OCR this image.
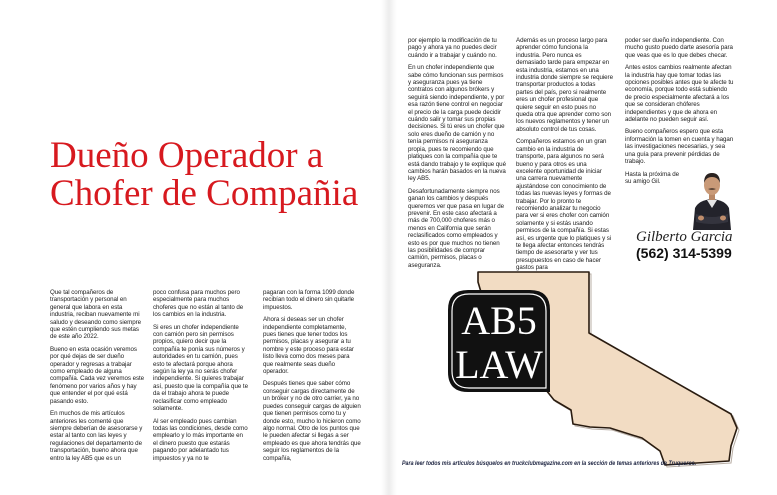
Dueño Operador a
Chofer de Compañia

Que tal compañeros de transportación y personal en general que labora en esta industria, reciban nuevamente mi saludo y deseando como siempre que estén cumpliendo sus metas de este año 2022.

Bueno en esta ocasión veremos por qué dejas de ser dueño operador y regresas a trabajar como empleado de alguna compañía. Cada vez veremos este fenómeno por varios años y hay que entender el por qué está pasando esto.

En muchos de mis artículos anteriores les comenté que siempre deberían de asesorarse y estar al tanto con las leyes y regulaciones del departamento de transportación, bueno ahora que entro la ley AB5 que es un

poco confusa para muchos pero especialmente para muchos choferes que no están al tanto de los cambios en la industria.

Si eres un chofer independiente con camión pero sin permisos propios, quiero decir que la compañía te ponía sus números y autoridades en tu camión, pues esto te afectará porque ahora según la ley ya no serás chofer independiente. Si quieres trabajar así, puesto que la compañía que te da el trabajo ahora te puede reclasificar como empleado solamente.

Al ser empleado pues cambian todas las condiciones, desde como emplearlo y lo más importante en el dinero puesto que estarás pagando por adelantado tus impuestos y ya no te

pagaran con la forma 1099 donde recibían todo el dinero sin quitarle impuestos.

Ahora si deseas ser un chofer independiente completamente, pues tienes que tener todos los permisos, placas y asegurar a tu nombre y este proceso para estar listo lleva como dos meses para que realmente seas dueño operador.

Después tienes que saber cómo conseguir cargas directamente de un bróker y no de otro carrier, ya no puedes conseguir cargas de alguien que tienen permisos como tu y donde esto, mucho lo hicieron como algo normal. Otro de los puntos que le pueden afectar si llegas a ser empleado es que ahora tendrás que seguir los reglamentos de la compañía,

AB5
LAW

por ejemplo la modificación de tu pago y ahora ya no puedes decir cuándo ir a trabajar y cuándo no.

En un chofer independiente que sabe cómo funcionan sus permisos y aseguranza pues ya tiene contratos con algunos brókers y seguirá siendo independiente, y por esa razón tiene control en negociar el precio de la carga puede decidir cuándo salir y tomar sus propias decisiones. Si tú eres un chofer que solo eres dueño de camión y no tenía permisos ni aseguranza propia, pues te recomiendo que platiques con la compañía que te está dando trabajo y te explique qué cambios harán basados en la nueva ley AB5.

Desafortunadamente siempre nos ganan los cambios y después queremos ver que pasa en lugar de prevenir. En este caso afectará a más de 700,000 choferes más o menos en California que serán reclasificados como empleados y esto es por que muchos no tienen las posibilidades de comprar camión, permisos, placas o aseguranza.

Además es un proceso largo para aprender cómo funciona la industria. Pero nunca es demasiado tarde para empezar en esta industria, estamos en una industria donde siempre se requiere transportar productos a todas partes del país, pero si realmente eres un chofer profesional que quiere seguir en esto pues no queda otra que aprender como son los nuevos reglamentos y tener un absoluto control de tus cosas.

Compañeros estamos en un gran cambio en la industria de transporte, para algunos no será bueno y para otros es una excelente oportunidad de iniciar una carrera nuevamente ajustándose con conocimiento de todas las nuevas leyes y formas de trabajar. Por lo pronto te recomiendo analizar tu negocio para ver si eres chofer con camión solamente y si estás usando permisos de la compañía. Si estas así, es urgente que lo platiques y si te llega afectar entonces tendrás tiempo de asesorarte y ver tus presupuestos en caso de hacer gastos para

poder ser dueño independiente. Con mucho gusto puedo darte asesoría para que veas que es lo que debes checar.

Antes estos cambios realmente afectan la industria hay que tomar todas las opciones posibles antes que te afecte tu economía, porque todo está subiendo de precio especialmente afectará a los que se consideran chóferes independientes y que de ahora en adelante no pueden seguir así.

Bueno compañeros espero que esta información la tomen en cuenta y hagan las investigaciones necesarias, y sea una guía para prevenir pérdidas de trabajo.

Hasta la próxima de su amigo Gil.

Gilberto Garcia
(562) 314-5399
Para leer todos mis artículos búsquelos en truckclubmagazine.com en la sección de temas anteriores de Truqueros.
